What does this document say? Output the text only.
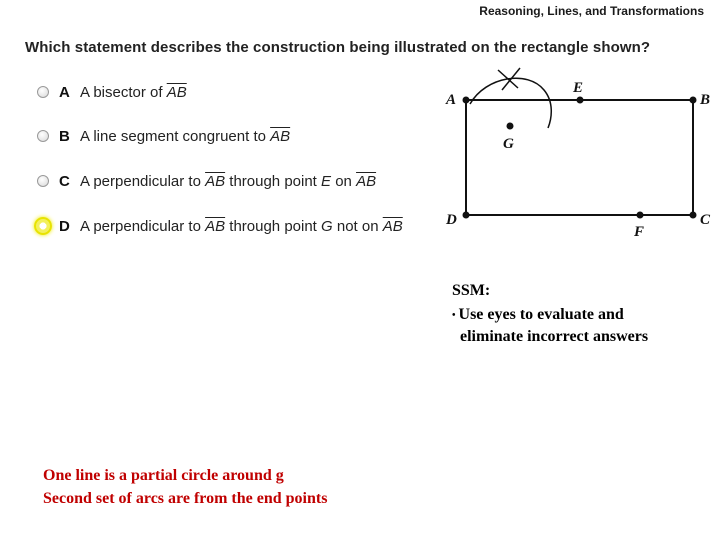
Reasoning, Lines, and Transformations
Which statement describes the construction being illustrated on the rectangle shown?
A A bisector of $\overline{AB}$
B A line segment congruent to $\overline{AB}$
C A perpendicular to $\overline{AB}$ through point E on $\overline{AB}$
D A perpendicular to $\overline{AB}$ through point G not on $\overline{AB}$
A
E
B
G
D
F
C
SSM:
• Use eyes to evaluate and
eliminate incorrect answers
One line is a partial circle around g
Second set of arcs are from the end points
